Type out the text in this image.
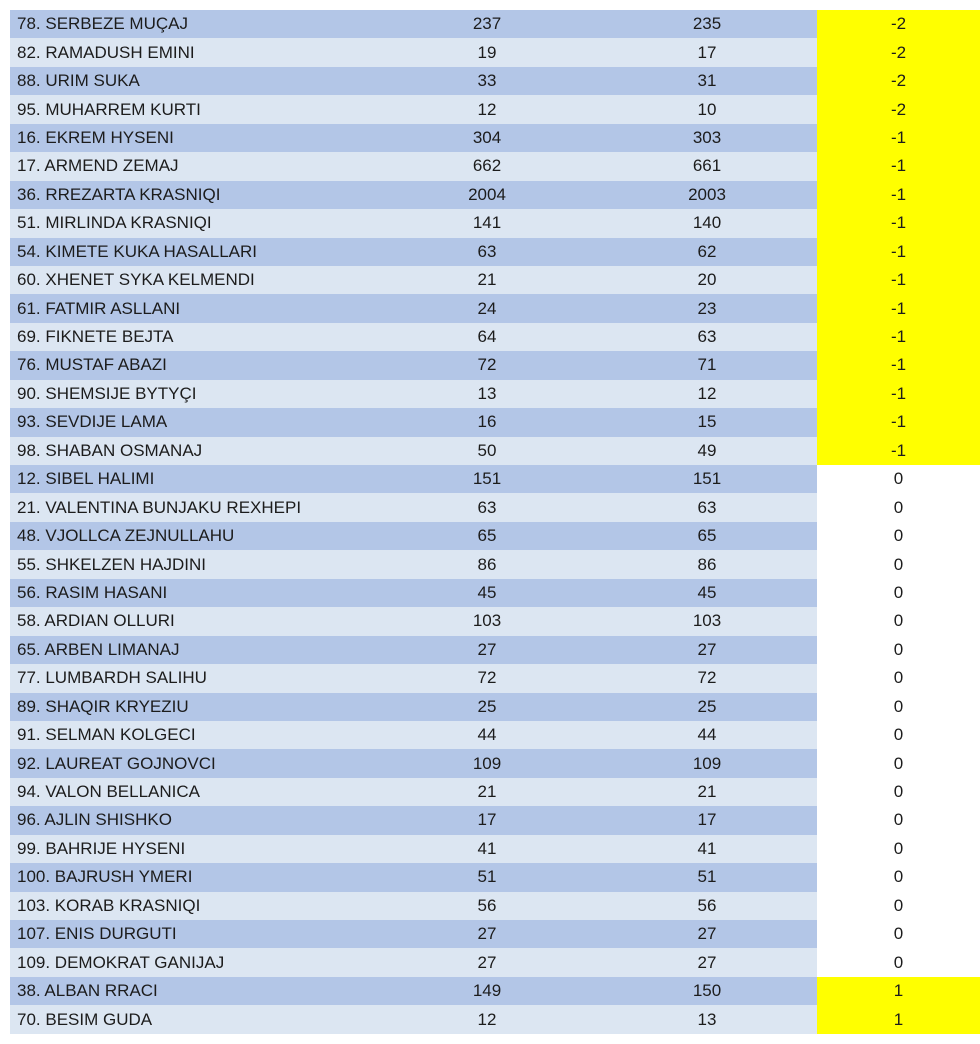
78. SERBEZE MUÇAJ	237	235	-2
82. RAMADUSH EMINI	19	17	-2
88. URIM SUKA	33	31	-2
95. MUHARREM KURTI	12	10	-2
16. EKREM HYSENI	304	303	-1
17. ARMEND ZEMAJ	662	661	-1
36. RREZARTA KRASNIQI	2004	2003	-1
51. MIRLINDA KRASNIQI	141	140	-1
54. KIMETE KUKA HASALLARI	63	62	-1
60. XHENET SYKA KELMENDI	21	20	-1
61. FATMIR ASLLANI	24	23	-1
69. FIKNETE BEJTA	64	63	-1
76. MUSTAF ABAZI	72	71	-1
90. SHEMSIJE BYTYÇI	13	12	-1
93. SEVDIJE LAMA	16	15	-1
98. SHABAN OSMANAJ	50	49	-1
12. SIBEL HALIMI	151	151	0
21. VALENTINA BUNJAKU REXHEPI	63	63	0
48. VJOLLCA ZEJNULLAHU	65	65	0
55. SHKELZEN HAJDINI	86	86	0
56. RASIM HASANI	45	45	0
58. ARDIAN OLLURI	103	103	0
65. ARBEN LIMANAJ	27	27	0
77. LUMBARDH SALIHU	72	72	0
89. SHAQIR KRYEZIU	25	25	0
91. SELMAN KOLGECI	44	44	0
92. LAUREAT GOJNOVCI	109	109	0
94. VALON BELLANICA	21	21	0
96. AJLIN SHISHKO	17	17	0
99. BAHRIJE HYSENI	41	41	0
100. BAJRUSH YMERI	51	51	0
103. KORAB KRASNIQI	56	56	0
107. ENIS DURGUTI	27	27	0
109. DEMOKRAT GANIJAJ	27	27	0
38. ALBAN RRACI	149	150	1
70. BESIM GUDA	12	13	1
